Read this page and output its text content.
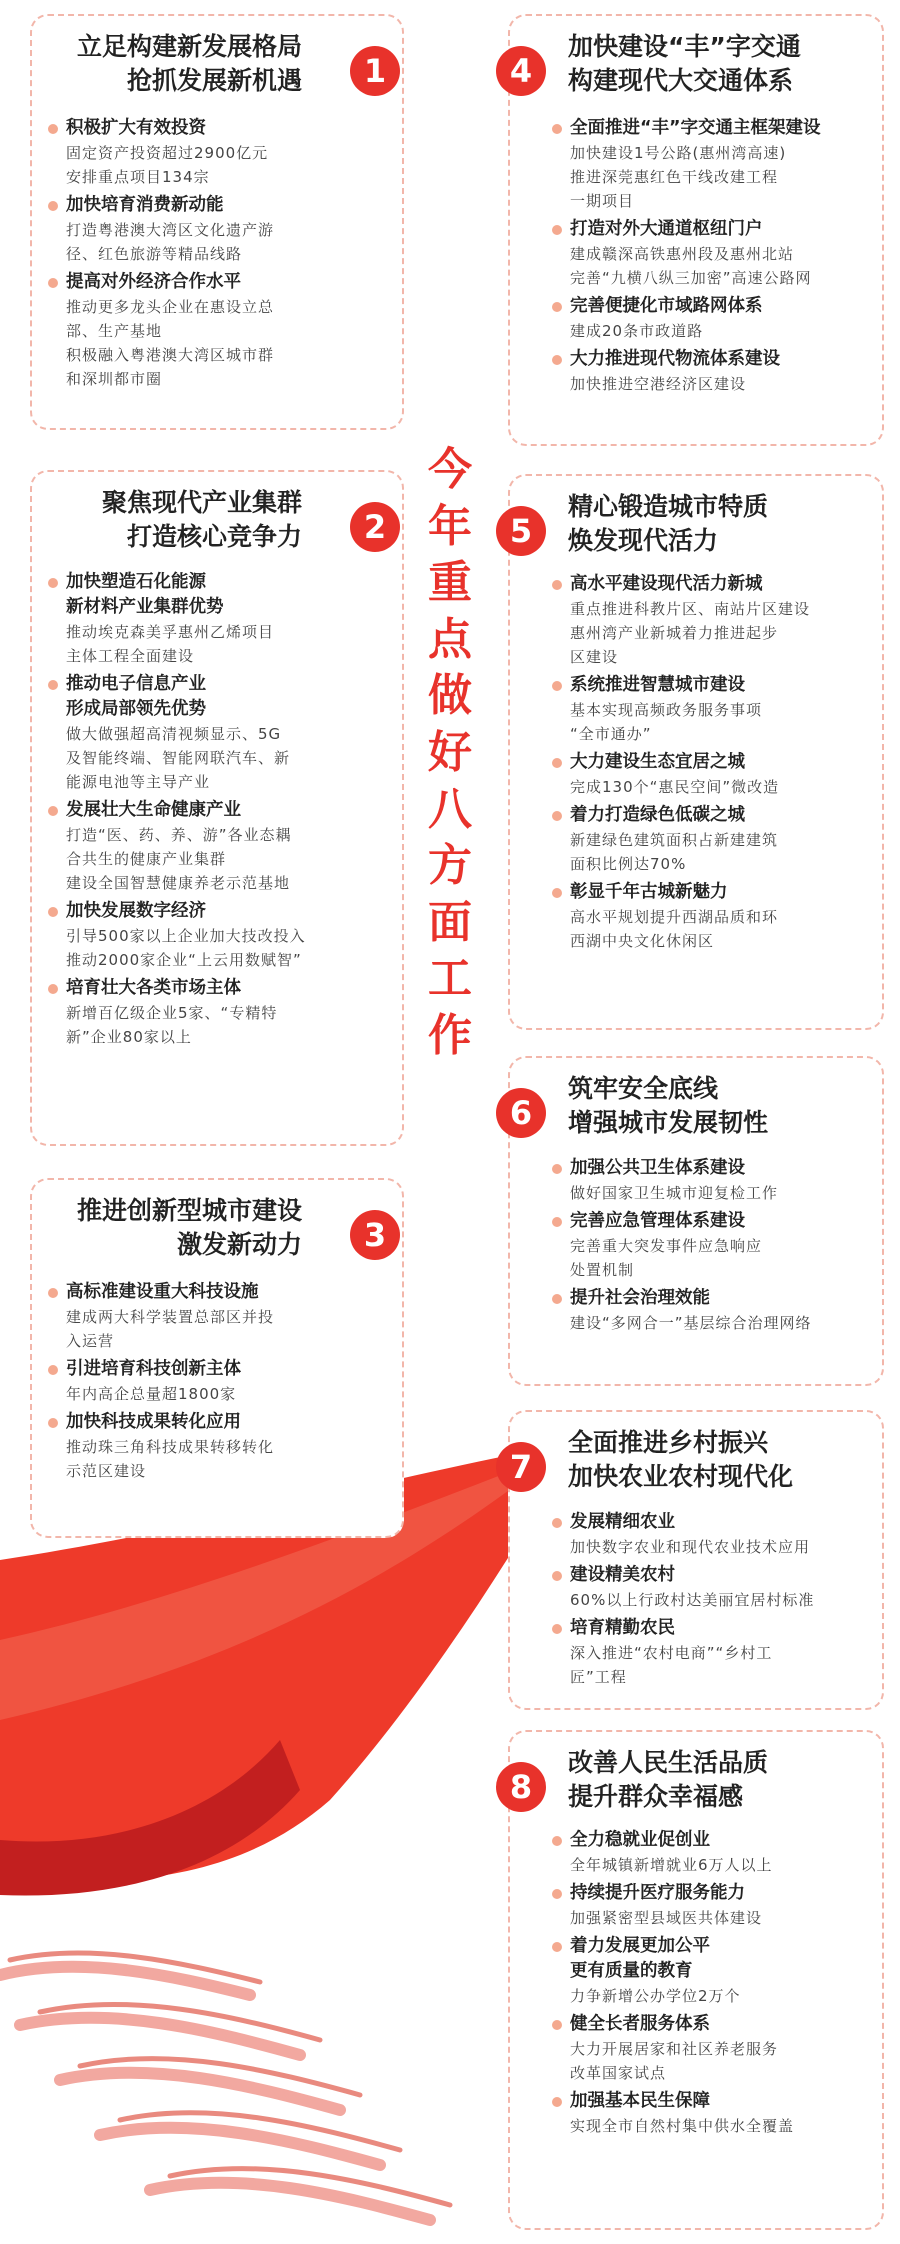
今
年
重
点
做
好
八
方
面
工
作
立足构建新发展格局
抢抓发展新机遇	1
积极扩大有效投资
固定资产投资超过2900亿元
安排重点项目134宗
加快培育消费新动能
打造粤港澳大湾区文化遗产游
径、红色旅游等精品线路
提高对外经济合作水平
推动更多龙头企业在惠设立总
部、生产基地
积极融入粤港澳大湾区城市群
和深圳都市圈
聚焦现代产业集群
打造核心竞争力	2
加快塑造石化能源
新材料产业集群优势
推动埃克森美孚惠州乙烯项目
主体工程全面建设
推动电子信息产业
形成局部领先优势
做大做强超高清视频显示、5G
及智能终端、智能网联汽车、新
能源电池等主导产业
发展壮大生命健康产业
打造“医、药、养、游”各业态耦
合共生的健康产业集群
建设全国智慧健康养老示范基地
加快发展数字经济
引导500家以上企业加大技改投入
推动2000家企业“上云用数赋智”
培育壮大各类市场主体
新增百亿级企业5家、“专精特
新”企业80家以上
推进创新型城市建设
激发新动力	3
高标准建设重大科技设施
建成两大科学装置总部区并投
入运营
引进培育科技创新主体
年内高企总量超1800家
加快科技成果转化应用
推动珠三角科技成果转移转化
示范区建设
加快建设“丰”字交通
构建现代大交通体系
4
全面推进“丰”字交通主框架建设
加快建设1号公路(惠州湾高速)
推进深莞惠红色干线改建工程
一期项目
打造对外大通道枢纽门户
建成赣深高铁惠州段及惠州北站
完善“九横八纵三加密”高速公路网
完善便捷化市域路网体系
建成20条市政道路
大力推进现代物流体系建设
加快推进空港经济区建设
精心锻造城市特质
焕发现代活力
5
高水平建设现代活力新城
重点推进科教片区、南站片区建设
惠州湾产业新城着力推进起步
区建设
系统推进智慧城市建设
基本实现高频政务服务事项
“全市通办”
大力建设生态宜居之城
完成130个“惠民空间”微改造
着力打造绿色低碳之城
新建绿色建筑面积占新建建筑
面积比例达70%
彰显千年古城新魅力
高水平规划提升西湖品质和环
西湖中央文化休闲区
筑牢安全底线
增强城市发展韧性
6
加强公共卫生体系建设
做好国家卫生城市迎复检工作
完善应急管理体系建设
完善重大突发事件应急响应
处置机制
提升社会治理效能
建设“多网合一”基层综合治理网络
全面推进乡村振兴
加快农业农村现代化
7
发展精细农业
加快数字农业和现代农业技术应用
建设精美农村
60%以上行政村达美丽宜居村标准
培育精勤农民
深入推进“农村电商”“乡村工
匠”工程
改善人民生活品质
提升群众幸福感
8
全力稳就业促创业
全年城镇新增就业6万人以上
持续提升医疗服务能力
加强紧密型县域医共体建设
着力发展更加公平
更有质量的教育
力争新增公办学位2万个
健全长者服务体系
大力开展居家和社区养老服务
改革国家试点
加强基本民生保障
实现全市自然村集中供水全覆盖
